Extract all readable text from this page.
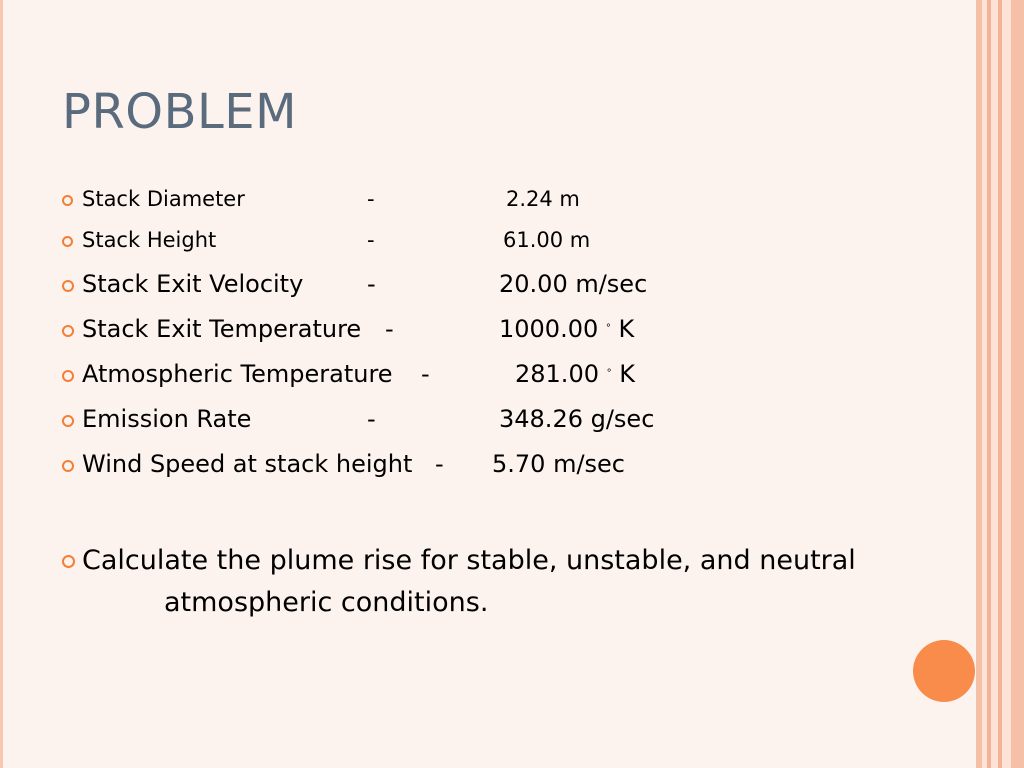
PROBLEM
Stack Diameter	-	2.24 m
Stack Height	-	61.00 m
Stack Exit Velocity	-	20.00 m/sec
Stack Exit Temperature -	1000.00 ° K
Atmospheric Temperature -	281.00 ° K
Emission Rate	-	348.26 g/sec
Wind Speed at stack height - 5.70 m/sec
Calculate the plume rise for stable, unstable, and neutral
atmospheric conditions.
